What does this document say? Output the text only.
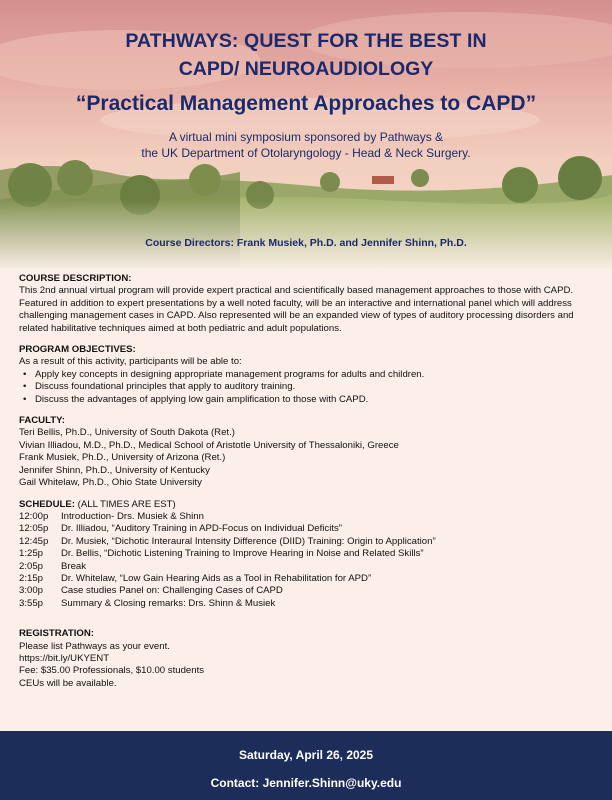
PATHWAYS: QUEST FOR THE BEST IN
CAPD/ NEUROAUDIOLOGY
“Practical Management Approaches to CAPD”
A virtual mini symposium sponsored by Pathways &
the UK Department of Otolaryngology - Head & Neck Surgery.
Course Directors: Frank Musiek, Ph.D. and Jennifer Shinn, Ph.D.

COURSE DESCRIPTION:

This 2nd annual virtual program will provide expert practical and scientifically based management approaches to those with CAPD. Featured in addition to expert presentations by a well noted faculty, will be an interactive and international panel which will address challenging management cases in CAPD. Also represented will be an expanded view of types of auditory processing disorders and related habilitative techniques aimed at both pediatric and adult populations.

PROGRAM OBJECTIVES:

As a result of this activity, participants will be able to:

• Apply key concepts in designing appropriate management programs for adults and children.
• Discuss foundational principles that apply to auditory training.
• Discuss the advantages of applying low gain amplification to those with CAPD.

FACULTY:

Teri Bellis, Ph.D., University of South Dakota (Ret.)

Vivian Illiadou, M.D., Ph.D., Medical School of Aristotle University of Thessaloniki, Greece

Frank Musiek, Ph.D., University of Arizona (Ret.)

Jennifer Shinn, Ph.D., University of Kentucky

Gail Whitelaw, Ph.D., Ohio State University

SCHEDULE: (ALL TIMES ARE EST)

12:00p	Introduction- Drs. Musiek & Shinn
12:05p	Dr. Illiadou, “Auditory Training in APD-Focus on Individual Deficits”
12:45p	Dr. Musiek, “Dichotic Interaural Intensity Difference (DIID) Training: Origin to Application”
1:25p	Dr. Bellis, “Dichotic Listening Training to Improve Hearing in Noise and Related Skills”
2:05p	Break
2:15p	Dr. Whitelaw, “Low Gain Hearing Aids as a Tool in Rehabilitation for APD”
3:00p	Case studies Panel on: Challenging Cases of CAPD
3:55p	Summary & Closing remarks: Drs. Shinn & Musiek

REGISTRATION:

Please list Pathways as your event.

https://bit.ly/UKYENT

Fee: $35.00 Professionals, $10.00 students

CEUs will be available.

Saturday, April 26, 2025
Contact: Jennifer.Shinn@uky.edu
